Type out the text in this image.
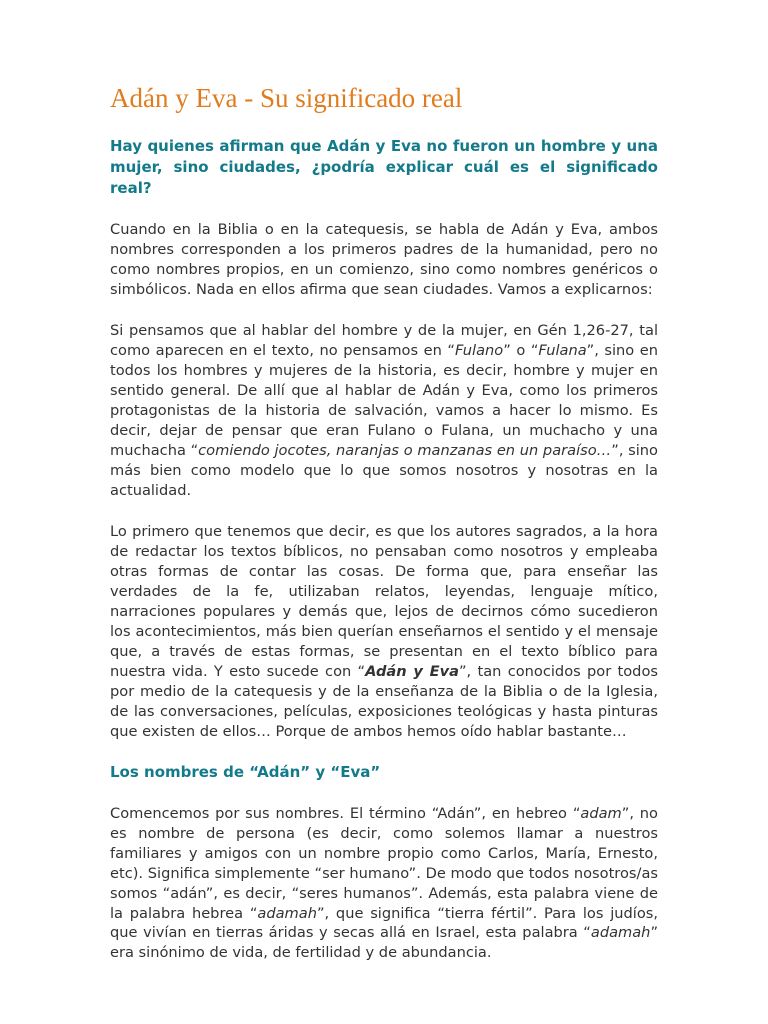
Adán y Eva - Su significado real

Hay quienes afirman que Adán y Eva no fueron un hombre y una mujer, sino ciudades, ¿podría explicar cuál es el significado real?

Cuando en la Biblia o en la catequesis, se habla de Adán y Eva, ambos nombres corresponden a los primeros padres de la humanidad, pero no como nombres propios, en un comienzo, sino como nombres genéricos o simbólicos. Nada en ellos afirma que sean ciudades. Vamos a explicarnos:

Si pensamos que al hablar del hombre y de la mujer, en Gén 1,26-27, tal como aparecen en el texto, no pensamos en “Fulano” o “Fulana”, sino en todos los hombres y mujeres de la historia, es decir, hombre y mujer en sentido general. De allí que al hablar de Adán y Eva, como los primeros protagonistas de la historia de salvación, vamos a hacer lo mismo. Es decir, dejar de pensar que eran Fulano o Fulana, un muchacho y una muchacha “comiendo jocotes, naranjas o manzanas en un paraíso…”, sino más bien como modelo que lo que somos nosotros y nosotras en la actualidad.

Lo primero que tenemos que decir, es que los autores sagrados, a la hora de redactar los textos bíblicos, no pensaban como nosotros y empleaba otras formas de contar las cosas. De forma que, para enseñar las verdades de la fe, utilizaban relatos, leyendas, lenguaje mítico, narraciones populares y demás que, lejos de decirnos cómo sucedieron los acontecimientos, más bien querían enseñarnos el sentido y el mensaje que, a través de estas formas, se presentan en el texto bíblico para nuestra vida. Y esto sucede con “Adán y Eva”, tan conocidos por todos por medio de la catequesis y de la enseñanza de la Biblia o de la Iglesia, de las conversaciones, películas, exposiciones teológicas y hasta pinturas que existen de ellos… Porque de ambos hemos oído hablar bastante…

Los nombres de “Adán” y “Eva”

Comencemos por sus nombres. El término “Adán”, en hebreo “adam”, no es nombre de persona (es decir, como solemos llamar a nuestros familiares y amigos con un nombre propio como Carlos, María, Ernesto, etc). Significa simplemente “ser humano”. De modo que todos nosotros/as somos “adán”, es decir, “seres humanos”. Además, esta palabra viene de la palabra hebrea “adamah”, que significa “tierra fértil”. Para los judíos, que vivían en tierras áridas y secas allá en Israel, esta palabra “adamah” era sinónimo de vida, de fertilidad y de abundancia.
